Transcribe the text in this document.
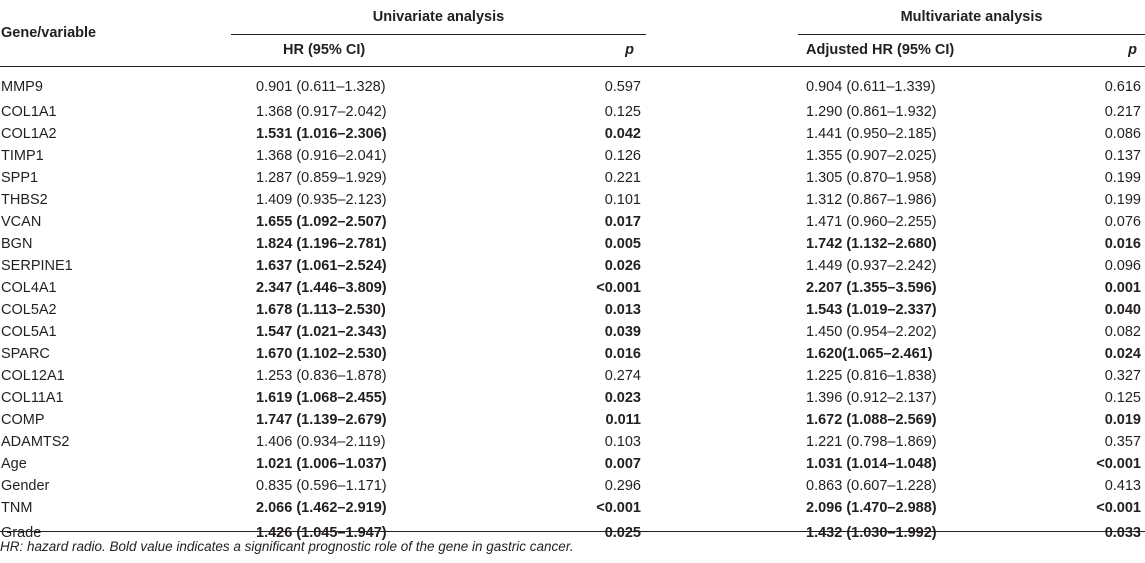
Gene/variable	Univariate analysis			Multivariate analysis	
	HR (95% CI)	p		Adjusted HR (95% CI)	p
MMP9	0.901 (0.611–1.328)	0.597		0.904 (0.611–1.339)	0.616
COL1A1	1.368 (0.917–2.042)	0.125		1.290 (0.861–1.932)	0.217
COL1A2	1.531 (1.016–2.306)	0.042		1.441 (0.950–2.185)	0.086
TIMP1	1.368 (0.916–2.041)	0.126		1.355 (0.907–2.025)	0.137
SPP1	1.287 (0.859–1.929)	0.221		1.305 (0.870–1.958)	0.199
THBS2	1.409 (0.935–2.123)	0.101		1.312 (0.867–1.986)	0.199
VCAN	1.655 (1.092–2.507)	0.017		1.471 (0.960–2.255)	0.076
BGN	1.824 (1.196–2.781)	0.005		1.742 (1.132–2.680)	0.016
SERPINE1	1.637 (1.061–2.524)	0.026		1.449 (0.937–2.242)	0.096
COL4A1	2.347 (1.446–3.809)	<0.001		2.207 (1.355–3.596)	0.001
COL5A2	1.678 (1.113–2.530)	0.013		1.543 (1.019–2.337)	0.040
COL5A1	1.547 (1.021–2.343)	0.039		1.450 (0.954–2.202)	0.082
SPARC	1.670 (1.102–2.530)	0.016		1.620(1.065–2.461)	0.024
COL12A1	1.253 (0.836–1.878)	0.274		1.225 (0.816–1.838)	0.327
COL11A1	1.619 (1.068–2.455)	0.023		1.396 (0.912–2.137)	0.125
COMP	1.747 (1.139–2.679)	0.011		1.672 (1.088–2.569)	0.019
ADAMTS2	1.406 (0.934–2.119)	0.103		1.221 (0.798–1.869)	0.357
Age	1.021 (1.006–1.037)	0.007		1.031 (1.014–1.048)	<0.001
Gender	0.835 (0.596–1.171)	0.296		0.863 (0.607–1.228)	0.413
TNM	2.066 (1.462–2.919)	<0.001		2.096 (1.470–2.988)	<0.001
Grade	1.426 (1.045–1.947)	0.025		1.432 (1.030–1.992)	0.033
HR: hazard radio. Bold value indicates a significant prognostic role of the gene in gastric cancer.
